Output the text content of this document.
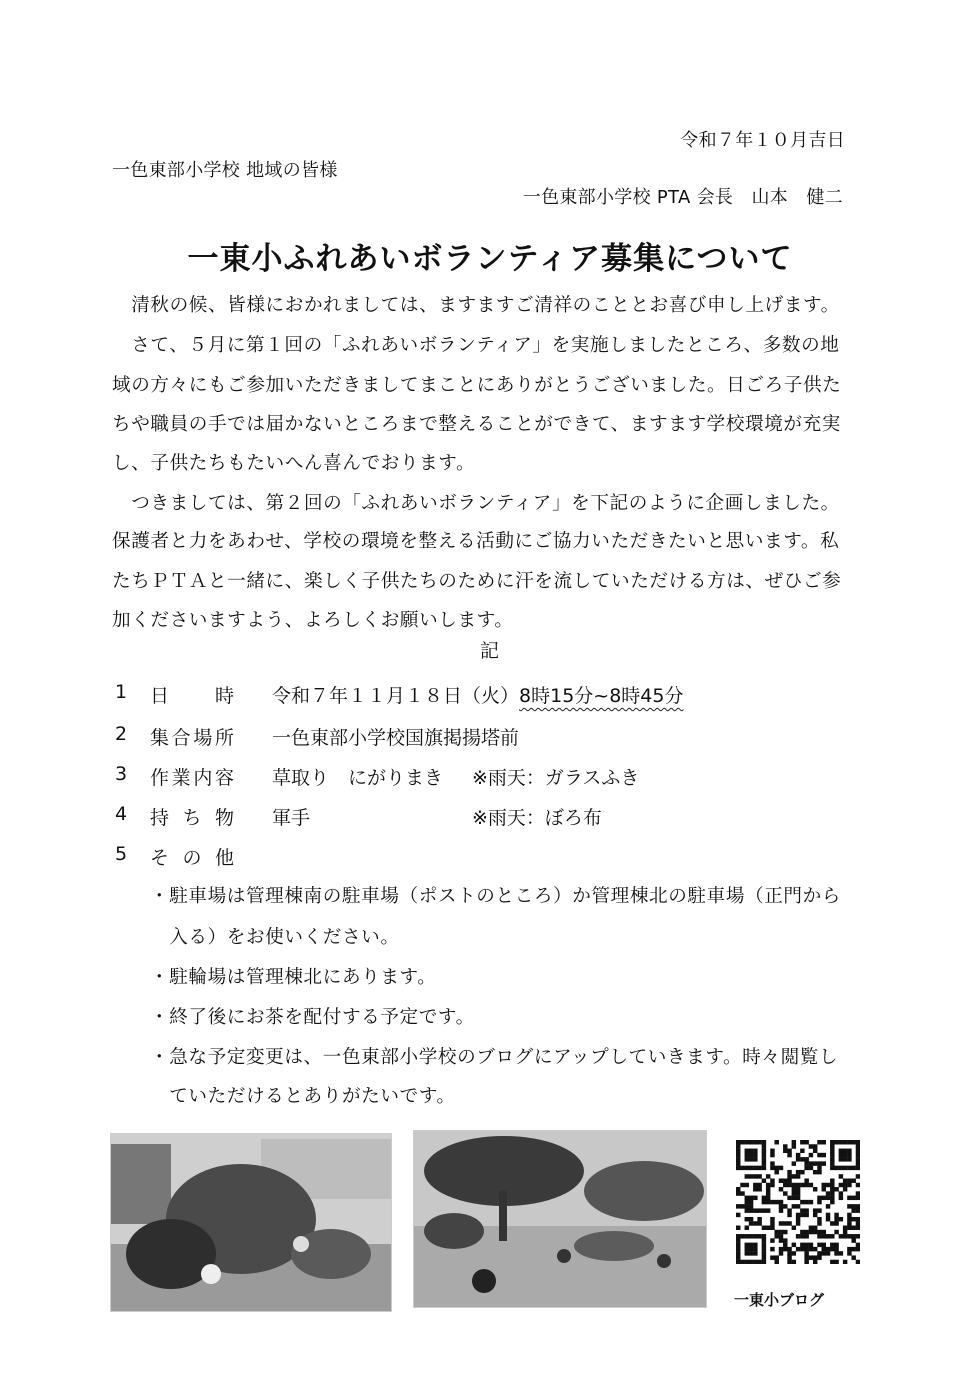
令和７年１０月吉日
一色東部小学校 地域の皆様
一色東部小学校 PTA 会長　山本　健二
一東小ふれあいボランティア募集について
　清秋の候、皆様におかれましては、ますますご清祥のこととお喜び申し上げます。
　さて、５月に第１回の「ふれあいボランティア」を実施しましたところ、多数の地
域の方々にもご参加いただきましてまことにありがとうございました。日ごろ子供た
ちや職員の手では届かないところまで整えることができて、ますます学校環境が充実
し、子供たちもたいへん喜んでおります。
　つきましては、第２回の「ふれあいボランティア」を下記のように企画しました。
保護者と力をあわせ、学校の環境を整える活動にご協力いただきたいと思います。私
たちＰＴＡと一緒に、楽しく子供たちのために汗を流していただける方は、ぜひご参
加くださいますよう、よろしくお願いします。
記
1 日 時 令和７年１１月１８日（火）8時15分~8時45分
2 集 合 場 所 一色東部小学校国旗掲揚塔前
3 作 業 内 容 草取り　にがりまき ※雨天：ガラスふき
4 持 ち 物 軍手	※雨天：ぼろ布
5 そ の 他
・駐車場は管理棟南の駐車場（ポストのところ）か管理棟北の駐車場（正門から
　入る）をお使いください。
・駐輪場は管理棟北にあります。
・終了後にお茶を配付する予定です。
・急な予定変更は、一色東部小学校のブログにアップしていきます。時々閲覧し
　ていただけるとありがたいです。
一東小ブログ
